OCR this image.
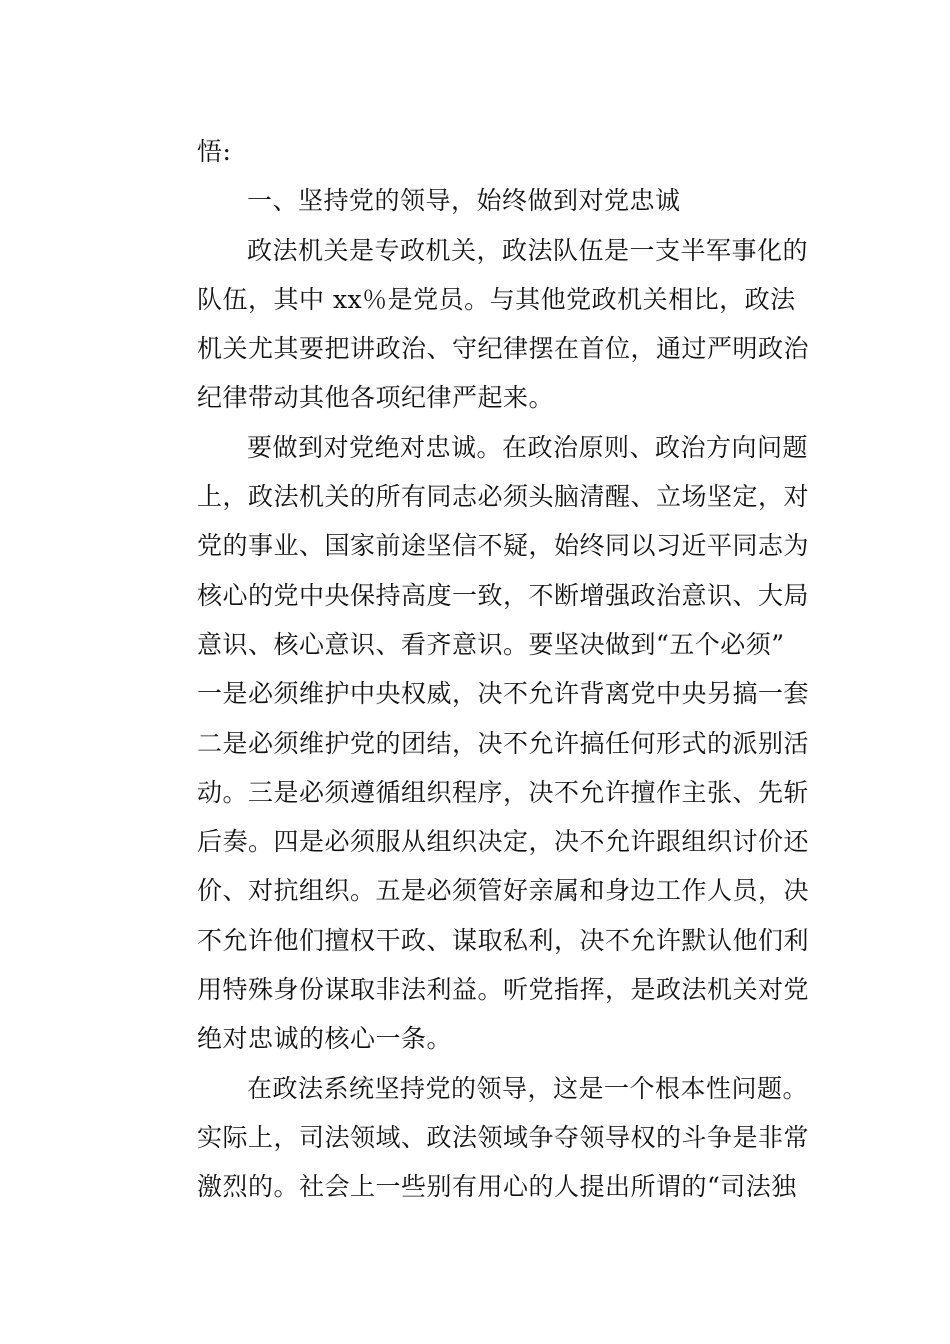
悟:
一、坚持党的领导，始终做到对党忠诚
政法机关是专政机关，政法队伍是一支半军事化的
队伍，其中 xx％是党员。与其他党政机关相比，政法
机关尤其要把讲政治、守纪律摆在首位，通过严明政治
纪律带动其他各项纪律严起来。
要做到对党绝对忠诚。在政治原则、政治方向问题
上，政法机关的所有同志必须头脑清醒、立场坚定，对
党的事业、国家前途坚信不疑，始终同以习近平同志为
核心的党中央保持高度一致，不断增强政治意识、大局
意识、核心意识、看齐意识。要坚决做到“五个必须”
一是必须维护中央权威，决不允许背离党中央另搞一套
二是必须维护党的团结，决不允许搞任何形式的派别活
动。三是必须遵循组织程序，决不允许擅作主张、先斩
后奏。四是必须服从组织决定，决不允许跟组织讨价还
价、对抗组织。五是必须管好亲属和身边工作人员，决
不允许他们擅权干政、谋取私利，决不允许默认他们利
用特殊身份谋取非法利益。听党指挥，是政法机关对党
绝对忠诚的核心一条。
在政法系统坚持党的领导，这是一个根本性问题。
实际上，司法领域、政法领域争夺领导权的斗争是非常
激烈的。社会上一些别有用心的人提出所谓的“司法独
